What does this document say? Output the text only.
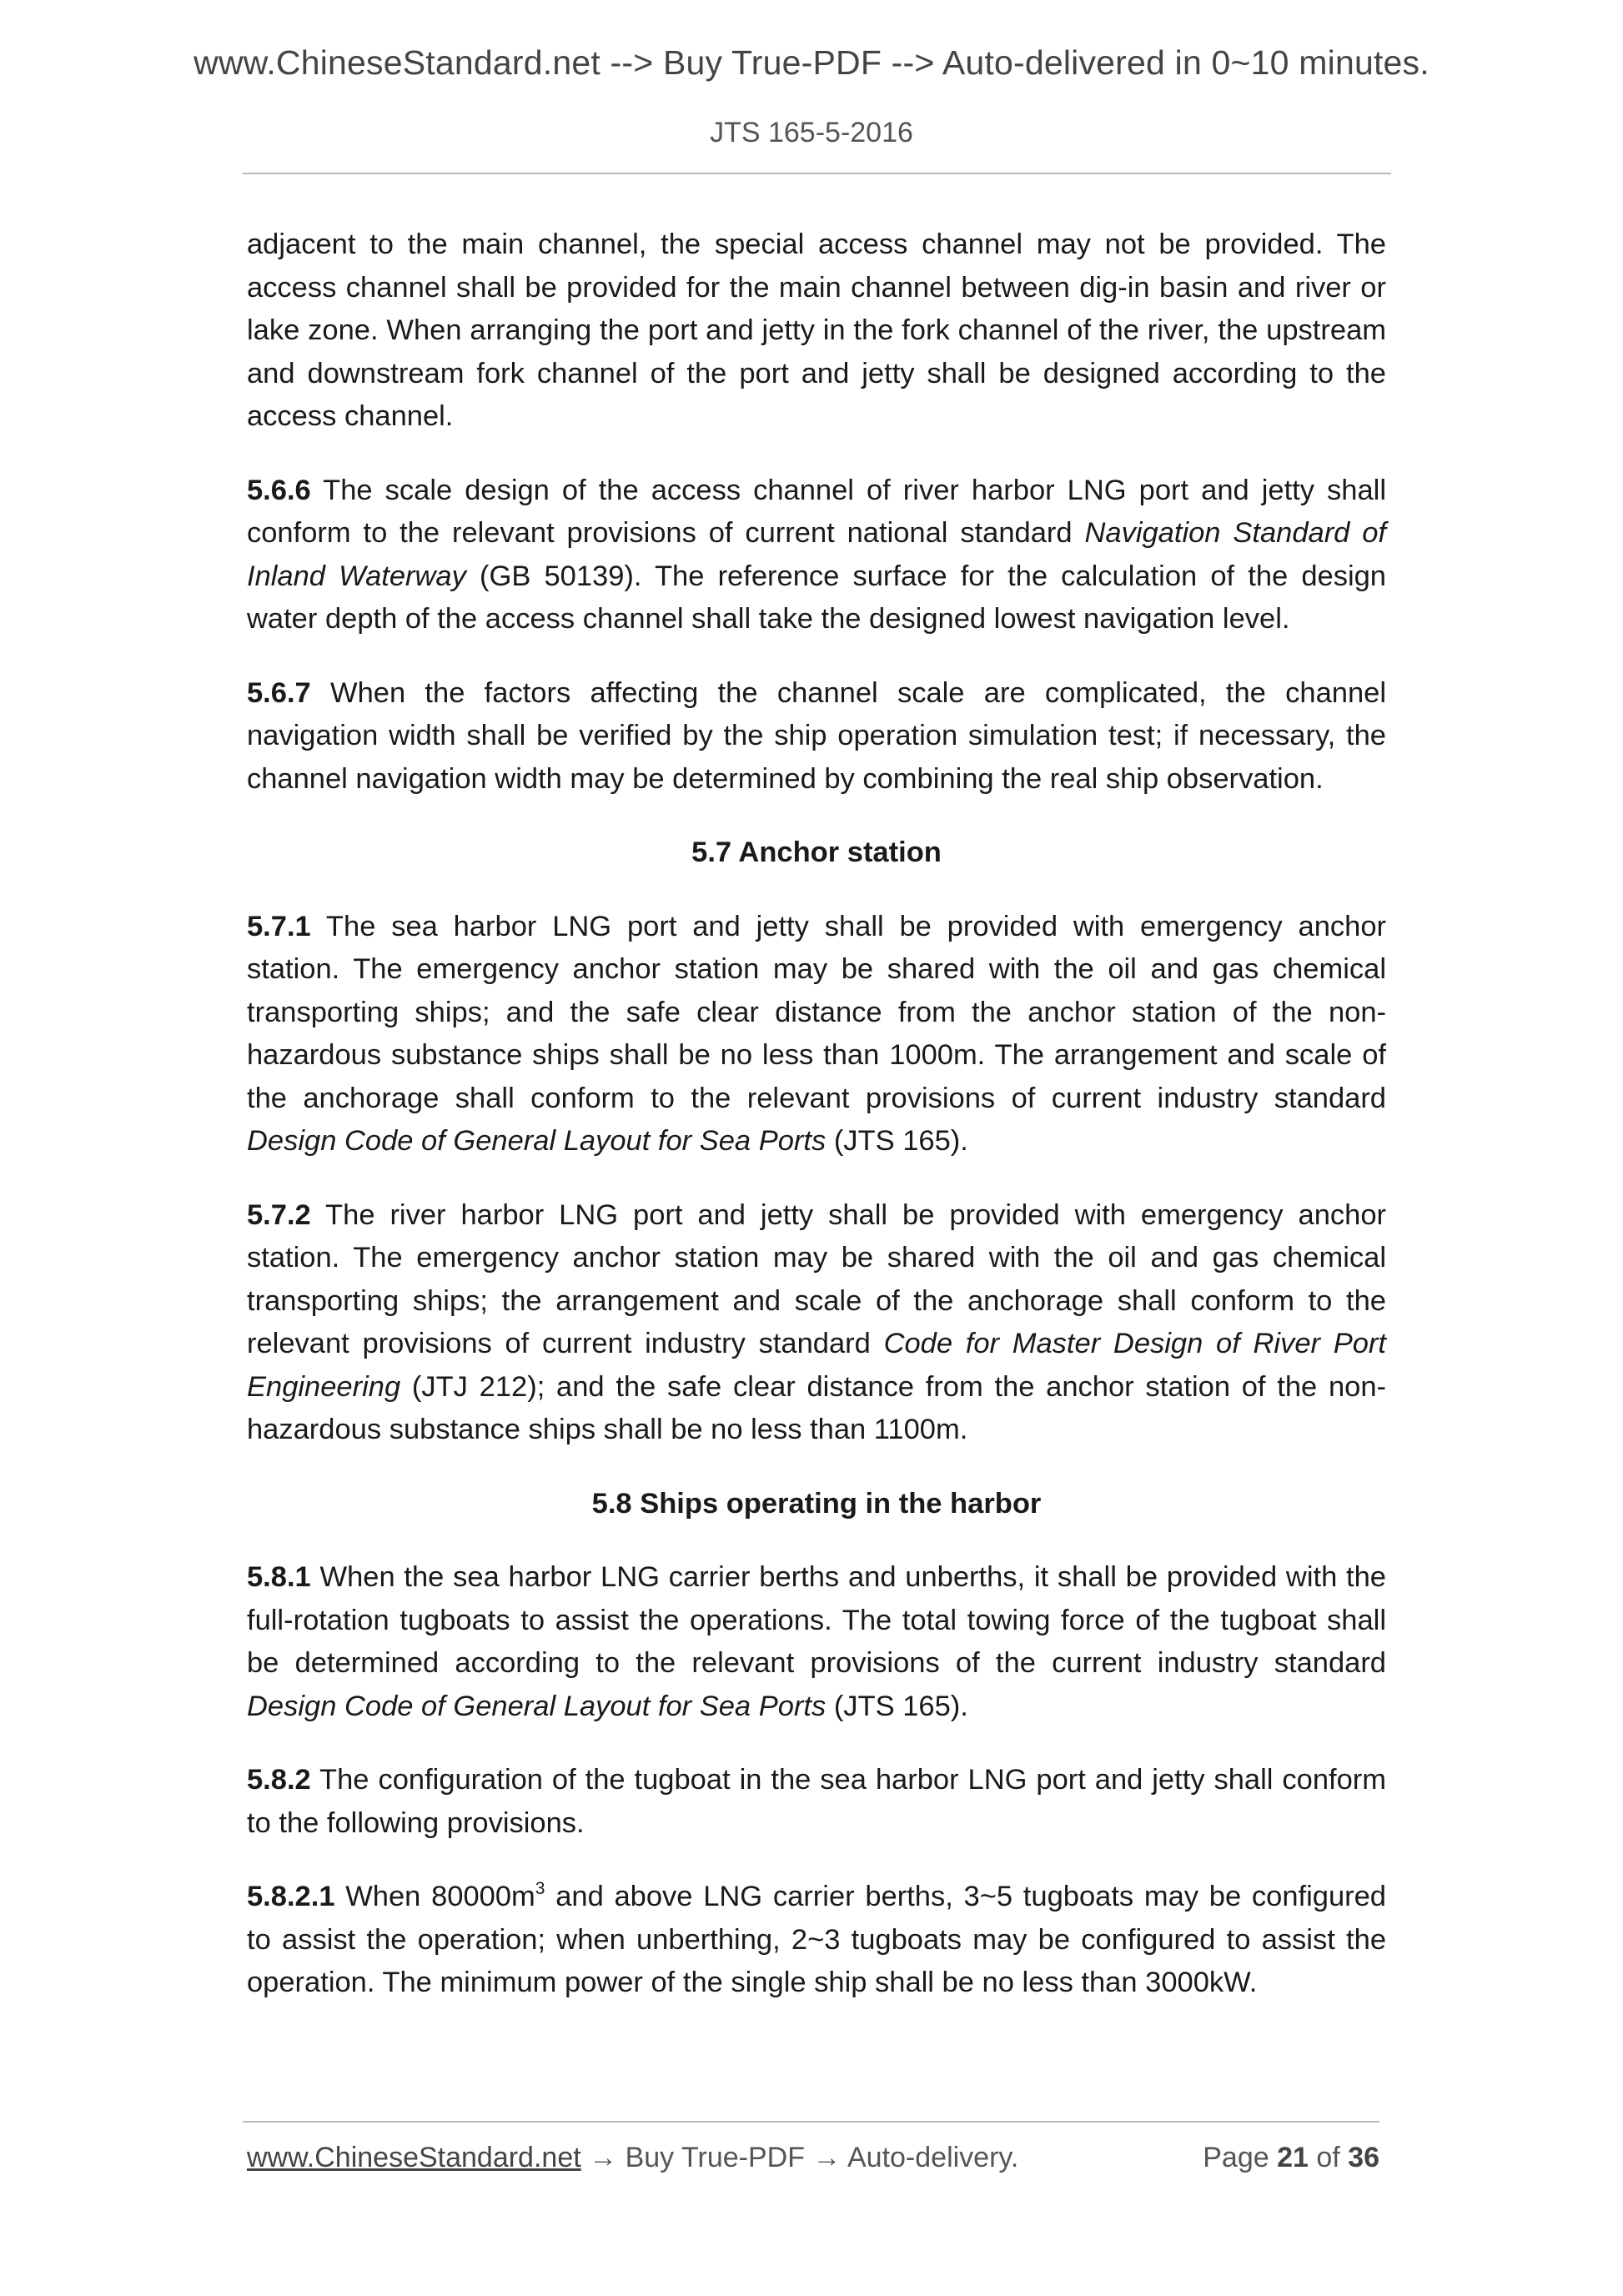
www.ChineseStandard.net --> Buy True-PDF --> Auto-delivered in 0~10 minutes.
JTS 165-5-2016

adjacent to the main channel, the special access channel may not be provided. The access channel shall be provided for the main channel between dig-in basin and river or lake zone. When arranging the port and jetty in the fork channel of the river, the upstream and downstream fork channel of the port and jetty shall be designed according to the access channel.

5.6.6 The scale design of the access channel of river harbor LNG port and jetty shall conform to the relevant provisions of current national standard Navigation Standard of Inland Waterway (GB 50139). The reference surface for the calculation of the design water depth of the access channel shall take the designed lowest navigation level.

5.6.7 When the factors affecting the channel scale are complicated, the channel navigation width shall be verified by the ship operation simulation test; if necessary, the channel navigation width may be determined by combining the real ship observation.

5.7 Anchor station

5.7.1 The sea harbor LNG port and jetty shall be provided with emergency anchor station. The emergency anchor station may be shared with the oil and gas chemical transporting ships; and the safe clear distance from the anchor station of the non-hazardous substance ships shall be no less than 1000m. The arrangement and scale of the anchorage shall conform to the relevant provisions of current industry standard Design Code of General Layout for Sea Ports (JTS 165).

5.7.2 The river harbor LNG port and jetty shall be provided with emergency anchor station. The emergency anchor station may be shared with the oil and gas chemical transporting ships; the arrangement and scale of the anchorage shall conform to the relevant provisions of current industry standard Code for Master Design of River Port Engineering (JTJ 212); and the safe clear distance from the anchor station of the non-hazardous substance ships shall be no less than 1100m.

5.8 Ships operating in the harbor

5.8.1 When the sea harbor LNG carrier berths and unberths, it shall be provided with the full-rotation tugboats to assist the operations. The total towing force of the tugboat shall be determined according to the relevant provisions of the current industry standard Design Code of General Layout for Sea Ports (JTS 165).

5.8.2 The configuration of the tugboat in the sea harbor LNG port and jetty shall conform to the following provisions.

5.8.2.1 When $80000m^3$ and above LNG carrier berths, 3~5 tugboats may be configured to assist the operation; when unberthing, 2~3 tugboats may be configured to assist the operation. The minimum power of the single ship shall be no less than 3000kW.

www.ChineseStandard.net → Buy True-PDF → Auto-delivery.	Page 21 of 36
